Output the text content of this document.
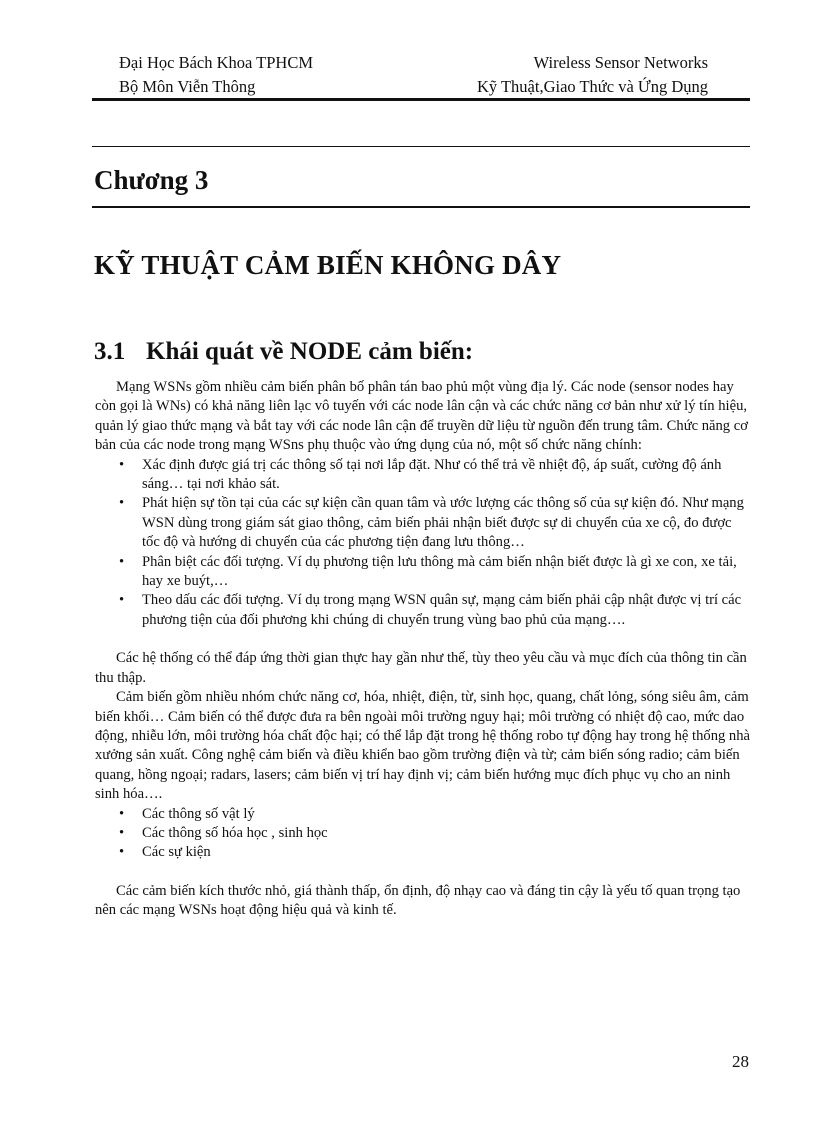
Đại Học Bách Khoa TPHCM	Wireless Sensor Networks
Bộ Môn Viễn Thông	Kỹ Thuật,Giao Thức và Ứng Dụng
Chương 3
KỸ THUẬT CẢM BIẾN KHÔNG DÂY
3.1 Khái quát về NODE cảm biến:

Mạng WSNs gồm nhiều cảm biến phân bố phân tán bao phủ một vùng địa lý. Các node (sensor nodes hay còn gọi là WNs) có khả năng liên lạc vô tuyến với các node lân cận và các chức năng cơ bản như xử lý tín hiệu, quản lý giao thức mạng và bắt tay với các node lân cận để truyền dữ liệu từ nguồn đến trung tâm. Chức năng cơ bản của các node trong mạng WSns phụ thuộc vào ứng dụng của nó, một số chức năng chính:

• Xác định được giá trị các thông số tại nơi lắp đặt. Như có thể trả về nhiệt độ, áp suất, cường độ ánh sáng… tại nơi khảo sát.
• Phát hiện sự tồn tại của các sự kiện cần quan tâm và ước lượng các thông số của sự kiện đó. Như mạng WSN dùng trong giám sát giao thông, cảm biến phải nhận biết được sự di chuyển của xe cộ, đo được tốc độ và hướng di chuyển của các phương tiện đang lưu thông…
• Phân biệt các đối tượng. Ví dụ phương tiện lưu thông mà cảm biến nhận biết được là gì xe con, xe tải, hay xe buýt,…
• Theo dấu các đối tượng. Ví dụ trong mạng WSN quân sự, mạng cảm biến phải cập nhật được vị trí các phương tiện của đối phương khi chúng di chuyển trung vùng bao phủ của mạng….

Các hệ thống có thể đáp ứng thời gian thực hay gần như thế, tùy theo yêu cầu và mục đích của thông tin cần thu thập.

Cảm biến gồm nhiều nhóm chức năng cơ, hóa, nhiệt, điện, từ, sinh học, quang, chất lỏng, sóng siêu âm, cảm biến khối… Cảm biến có thể được đưa ra bên ngoài môi trường nguy hại; môi trường có nhiệt độ cao, mức dao động, nhiễu lớn, môi trường hóa chất độc hại; có thể lắp đặt trong hệ thống robo tự động hay trong hệ thống nhà xưởng sản xuất. Công nghệ cảm biến và điều khiển bao gồm trường điện và từ; cảm biến sóng radio; cảm biến quang, hồng ngoại; radars, lasers; cảm biến vị trí hay định vị; cảm biến hướng mục đích phục vụ cho an ninh sinh hóa….

• Các thông số vật lý
• Các thông số hóa học , sinh học
• Các sự kiện

Các cảm biến kích thước nhỏ, giá thành thấp, ổn định, độ nhạy cao và đáng tin cậy là yếu tố quan trọng tạo nên các mạng WSNs hoạt động hiệu quả và kinh tế.

28
